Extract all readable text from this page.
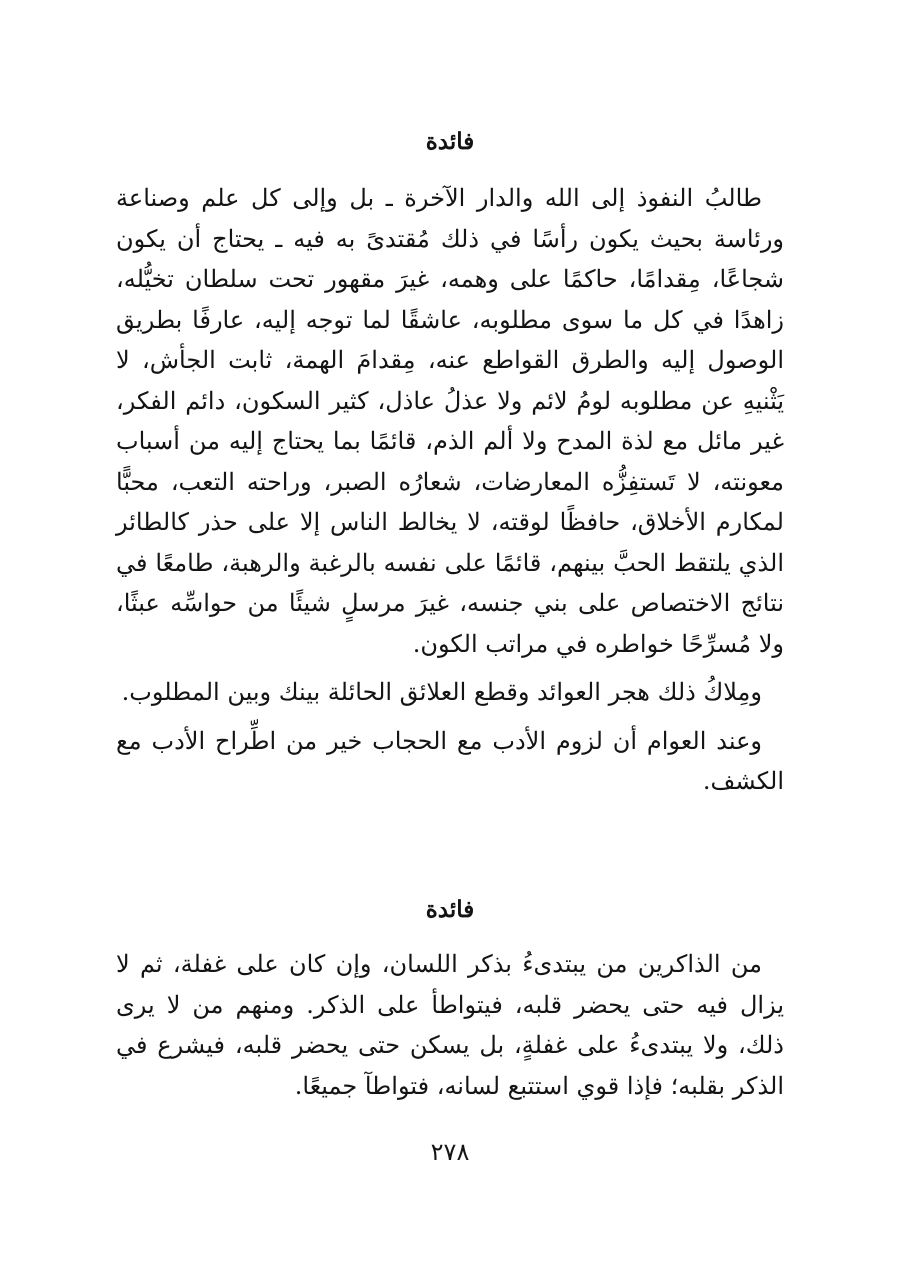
فائدة

طالبُ النفوذ إلى الله والدار الآخرة ـ بل وإلى كل علم وصناعة ورئاسة بحيث يكون رأسًا في ذلك مُقتدىً به فيه ـ يحتاج أن يكون شجاعًا، مِقدامًا، حاكمًا على وهمه، غيرَ مقهور تحت سلطان تخيُّله، زاهدًا في كل ما سوى مطلوبه، عاشقًا لما توجه إليه، عارفًا بطريق الوصول إليه والطرق القواطع عنه، مِقدامَ الهمة، ثابت الجأش، لا يَثْنيهِ عن مطلوبه لومُ لائم ولا عذلُ عاذل، كثير السكون، دائم الفكر، غير مائل مع لذة المدح ولا ألم الذم، قائمًا بما يحتاج إليه من أسباب معونته، لا تَستفِزُّه المعارضات، شعارُه الصبر، وراحته التعب، محبًّا لمكارم الأخلاق، حافظًا لوقته، لا يخالط الناس إلا على حذر كالطائر الذي يلتقط الحبَّ بينهم، قائمًا على نفسه بالرغبة والرهبة، طامعًا في نتائج الاختصاص على بني جنسه، غيرَ مرسلٍ شيئًا من حواسِّه عبثًا، ولا مُسرِّحًا خواطره في مراتب الكون.

ومِلاكُ ذلك هجر العوائد وقطع العلائق الحائلة بينك وبين المطلوب.

وعند العوام أن لزوم الأدب مع الحجاب خير من اطِّراح الأدب مع الكشف.

فائدة

من الذاكرين من يبتدىءُ بذكر اللسان، وإن كان على غفلة، ثم لا يزال فيه حتى يحضر قلبه، فيتواطأ على الذكر. ومنهم من لا يرى ذلك، ولا يبتدىءُ على غفلةٍ، بل يسكن حتى يحضر قلبه، فيشرع في الذكر بقلبه؛ فإذا قوي استتبع لسانه، فتواطآ جميعًا.

٢٧٨
